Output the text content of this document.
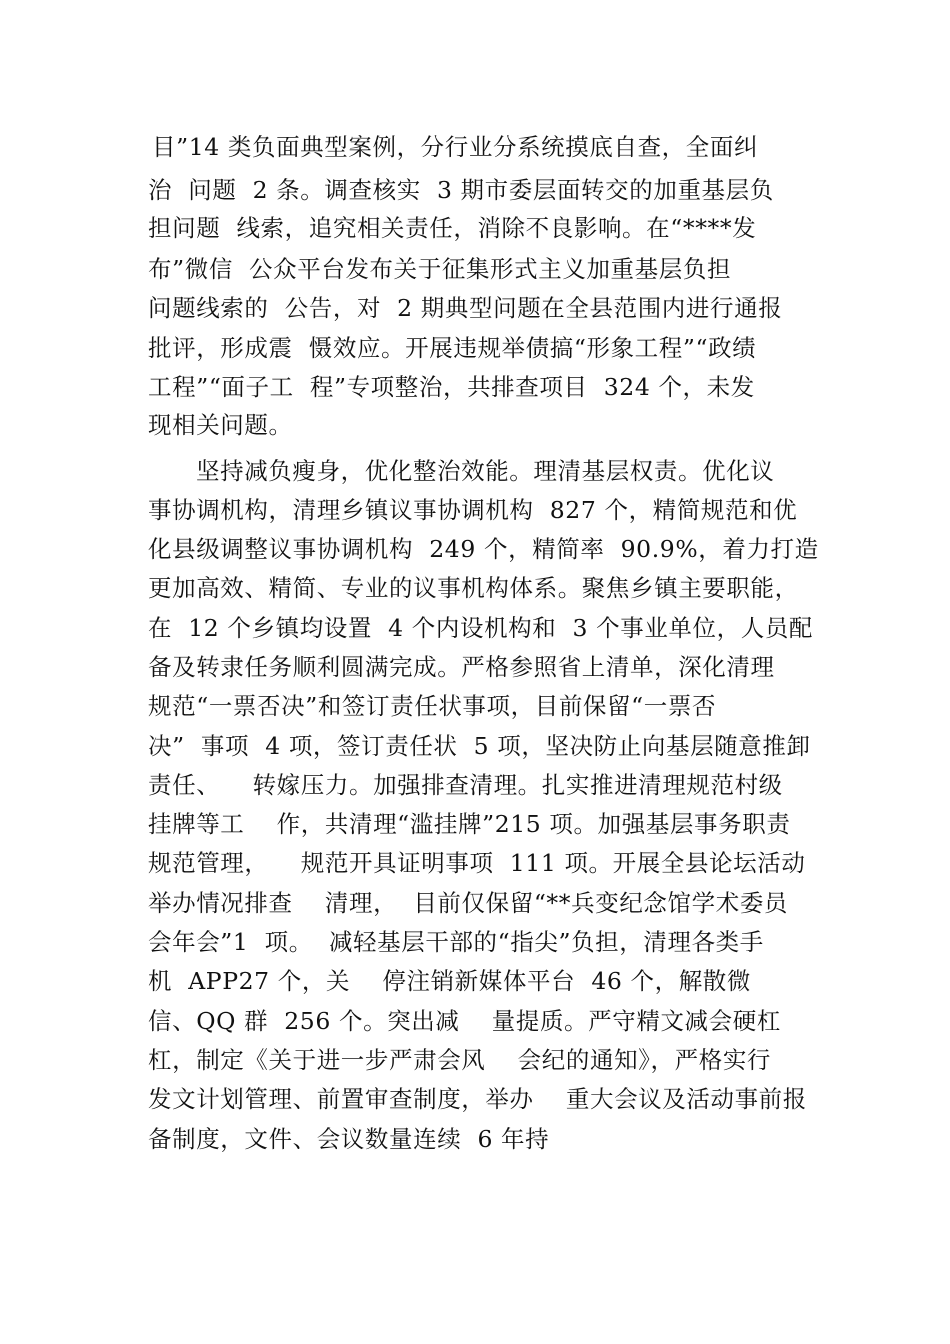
目”14 类负面典型案例，分行业分系统摸底自查，全面纠
治  问题  2 条。调查核实  3 期市委层面转交的加重基层负
担问题  线索，追究相关责任，消除不良影响。在“****发
布”微信  公众平台发布关于征集形式主义加重基层负担
问题线索的  公告，对  2 期典型问题在全县范围内进行通报
批评，形成震  慑效应。开展违规举债搞“形象工程”“政绩
工程”“面子工  程”专项整治，共排查项目  324 个，未发
现相关问题。
坚持减负瘦身，优化整治效能。理清基层权责。优化议
事协调机构，清理乡镇议事协调机构  827 个，精简规范和优
化县级调整议事协调机构  249 个，精简率  90.9%，着力打造
更加高效、精简、专业的议事机构体系。聚焦乡镇主要职能，
在  12 个乡镇均设置  4 个内设机构和  3 个事业单位，人员配
备及转隶任务顺利圆满完成。严格参照省上清单，深化清理
规范“一票否决”和签订责任状事项，目前保留“一票否
决”  事项  4 项，签订责任状  5 项，坚决防止向基层随意推卸
责任、    转嫁压力。加强排查清理。扎实推进清理规范村级
挂牌等工    作，共清理“滥挂牌”215 项。加强基层事务职责
规范管理，    规范开具证明事项  111 项。开展全县论坛活动
举办情况排查    清理，  目前仅保留“**兵变纪念馆学术委员
会年会”1  项。  减轻基层干部的“指尖”负担，清理各类手
机  APP27 个，关    停注销新媒体平台  46 个，解散微
信、QQ 群  256 个。突出减    量提质。严守精文减会硬杠
杠，制定《关于进一步严肃会风    会纪的通知》，严格实行
发文计划管理、前置审查制度，举办    重大会议及活动事前报
备制度，文件、会议数量连续  6 年持
